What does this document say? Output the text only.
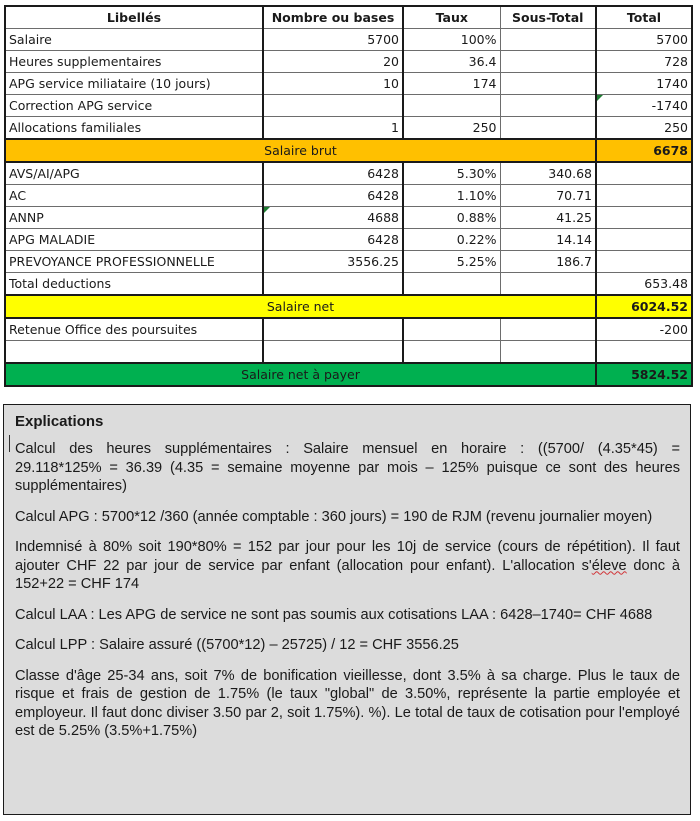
Libellés	Nombre ou bases	Taux	Sous-Total	Total
Salaire	5700	100%		5700
Heures supplementaires	20	36.4		728
APG service miliataire (10 jours)	10	174		1740
Correction APG service				-1740
Allocations familiales	1	250		250
Salaire brut				6678
AVS/AI/APG	6428	5.30%	340.68	
AC	6428	1.10%	70.71	
ANNP	4688	0.88%	41.25	
APG MALADIE	6428	0.22%	14.14	
PREVOYANCE PROFESSIONNELLE	3556.25	5.25%	186.7	
Total deductions				653.48
Salaire net				6024.52
Retenue Office des poursuites				-200

Salaire net à payer				5824.52
Explications

Calcul des heures supplémentaires : Salaire mensuel en horaire : ((5700/ (4.35*45) = 29.118*125% = 36.39 (4.35 = semaine moyenne par mois – 125% puisque ce sont des heures supplémentaires)

Calcul APG : 5700*12 /360 (année comptable : 360 jours) = 190 de RJM (revenu journalier moyen)

Indemnisé à 80% soit 190*80% = 152 par jour pour les 10j de service (cours de répétition). Il faut ajouter CHF 22 par jour de service par enfant (allocation pour enfant). L'allocation s'éleve donc à 152+22 = CHF 174

Calcul LAA : Les APG de service ne sont pas soumis aux cotisations LAA : 6428–1740= CHF 4688

Calcul LPP : Salaire assuré ((5700*12) – 25725) / 12 = CHF 3556.25

Classe d'âge 25-34 ans, soit 7% de bonification vieillesse, dont 3.5% à sa charge. Plus le taux de risque et frais de gestion de 1.75% (le taux "global" de 3.50%, représente la partie employée et employeur. Il faut donc diviser 3.50 par 2, soit 1.75%). %). Le total de taux de cotisation pour l'employé est de 5.25% (3.5%+1.75%)
